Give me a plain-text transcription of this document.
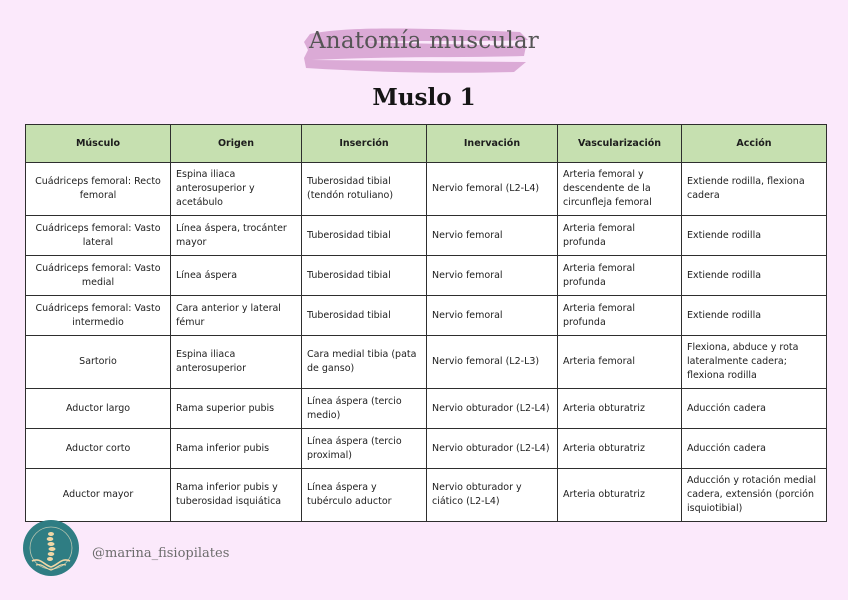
Anatomía muscular
Muslo 1
Músculo	Origen	Inserción	Inervación	Vascularización	Acción
Cuádriceps femoral: Recto femoral	Espina iliaca anterosuperior y acetábulo	Tuberosidad tibial (tendón rotuliano)	Nervio femoral (L2-L4)	Arteria femoral y descendente de la circunfleja femoral	Extiende rodilla, flexiona cadera
Cuádriceps femoral: Vasto lateral	Línea áspera, trocánter mayor	Tuberosidad tibial	Nervio femoral	Arteria femoral profunda	Extiende rodilla
Cuádriceps femoral: Vasto medial	Línea áspera	Tuberosidad tibial	Nervio femoral	Arteria femoral profunda	Extiende rodilla
Cuádriceps femoral: Vasto intermedio	Cara anterior y lateral fémur	Tuberosidad tibial	Nervio femoral	Arteria femoral profunda	Extiende rodilla
Sartorio	Espina iliaca anterosuperior	Cara medial tibia (pata de ganso)	Nervio femoral (L2-L3)	Arteria femoral	Flexiona, abduce y rota lateralmente cadera; flexiona rodilla
Aductor largo	Rama superior pubis	Línea áspera (tercio medio)	Nervio obturador (L2-L4)	Arteria obturatriz	Aducción cadera
Aductor corto	Rama inferior pubis	Línea áspera (tercio proximal)	Nervio obturador (L2-L4)	Arteria obturatriz	Aducción cadera
Aductor mayor	Rama inferior pubis y tuberosidad isquiática	Línea áspera y tubérculo aductor	Nervio obturador y ciático (L2-L4)	Arteria obturatriz	Aducción y rotación medial cadera, extensión (porción isquiotibial)
@marina_fisiopilates
